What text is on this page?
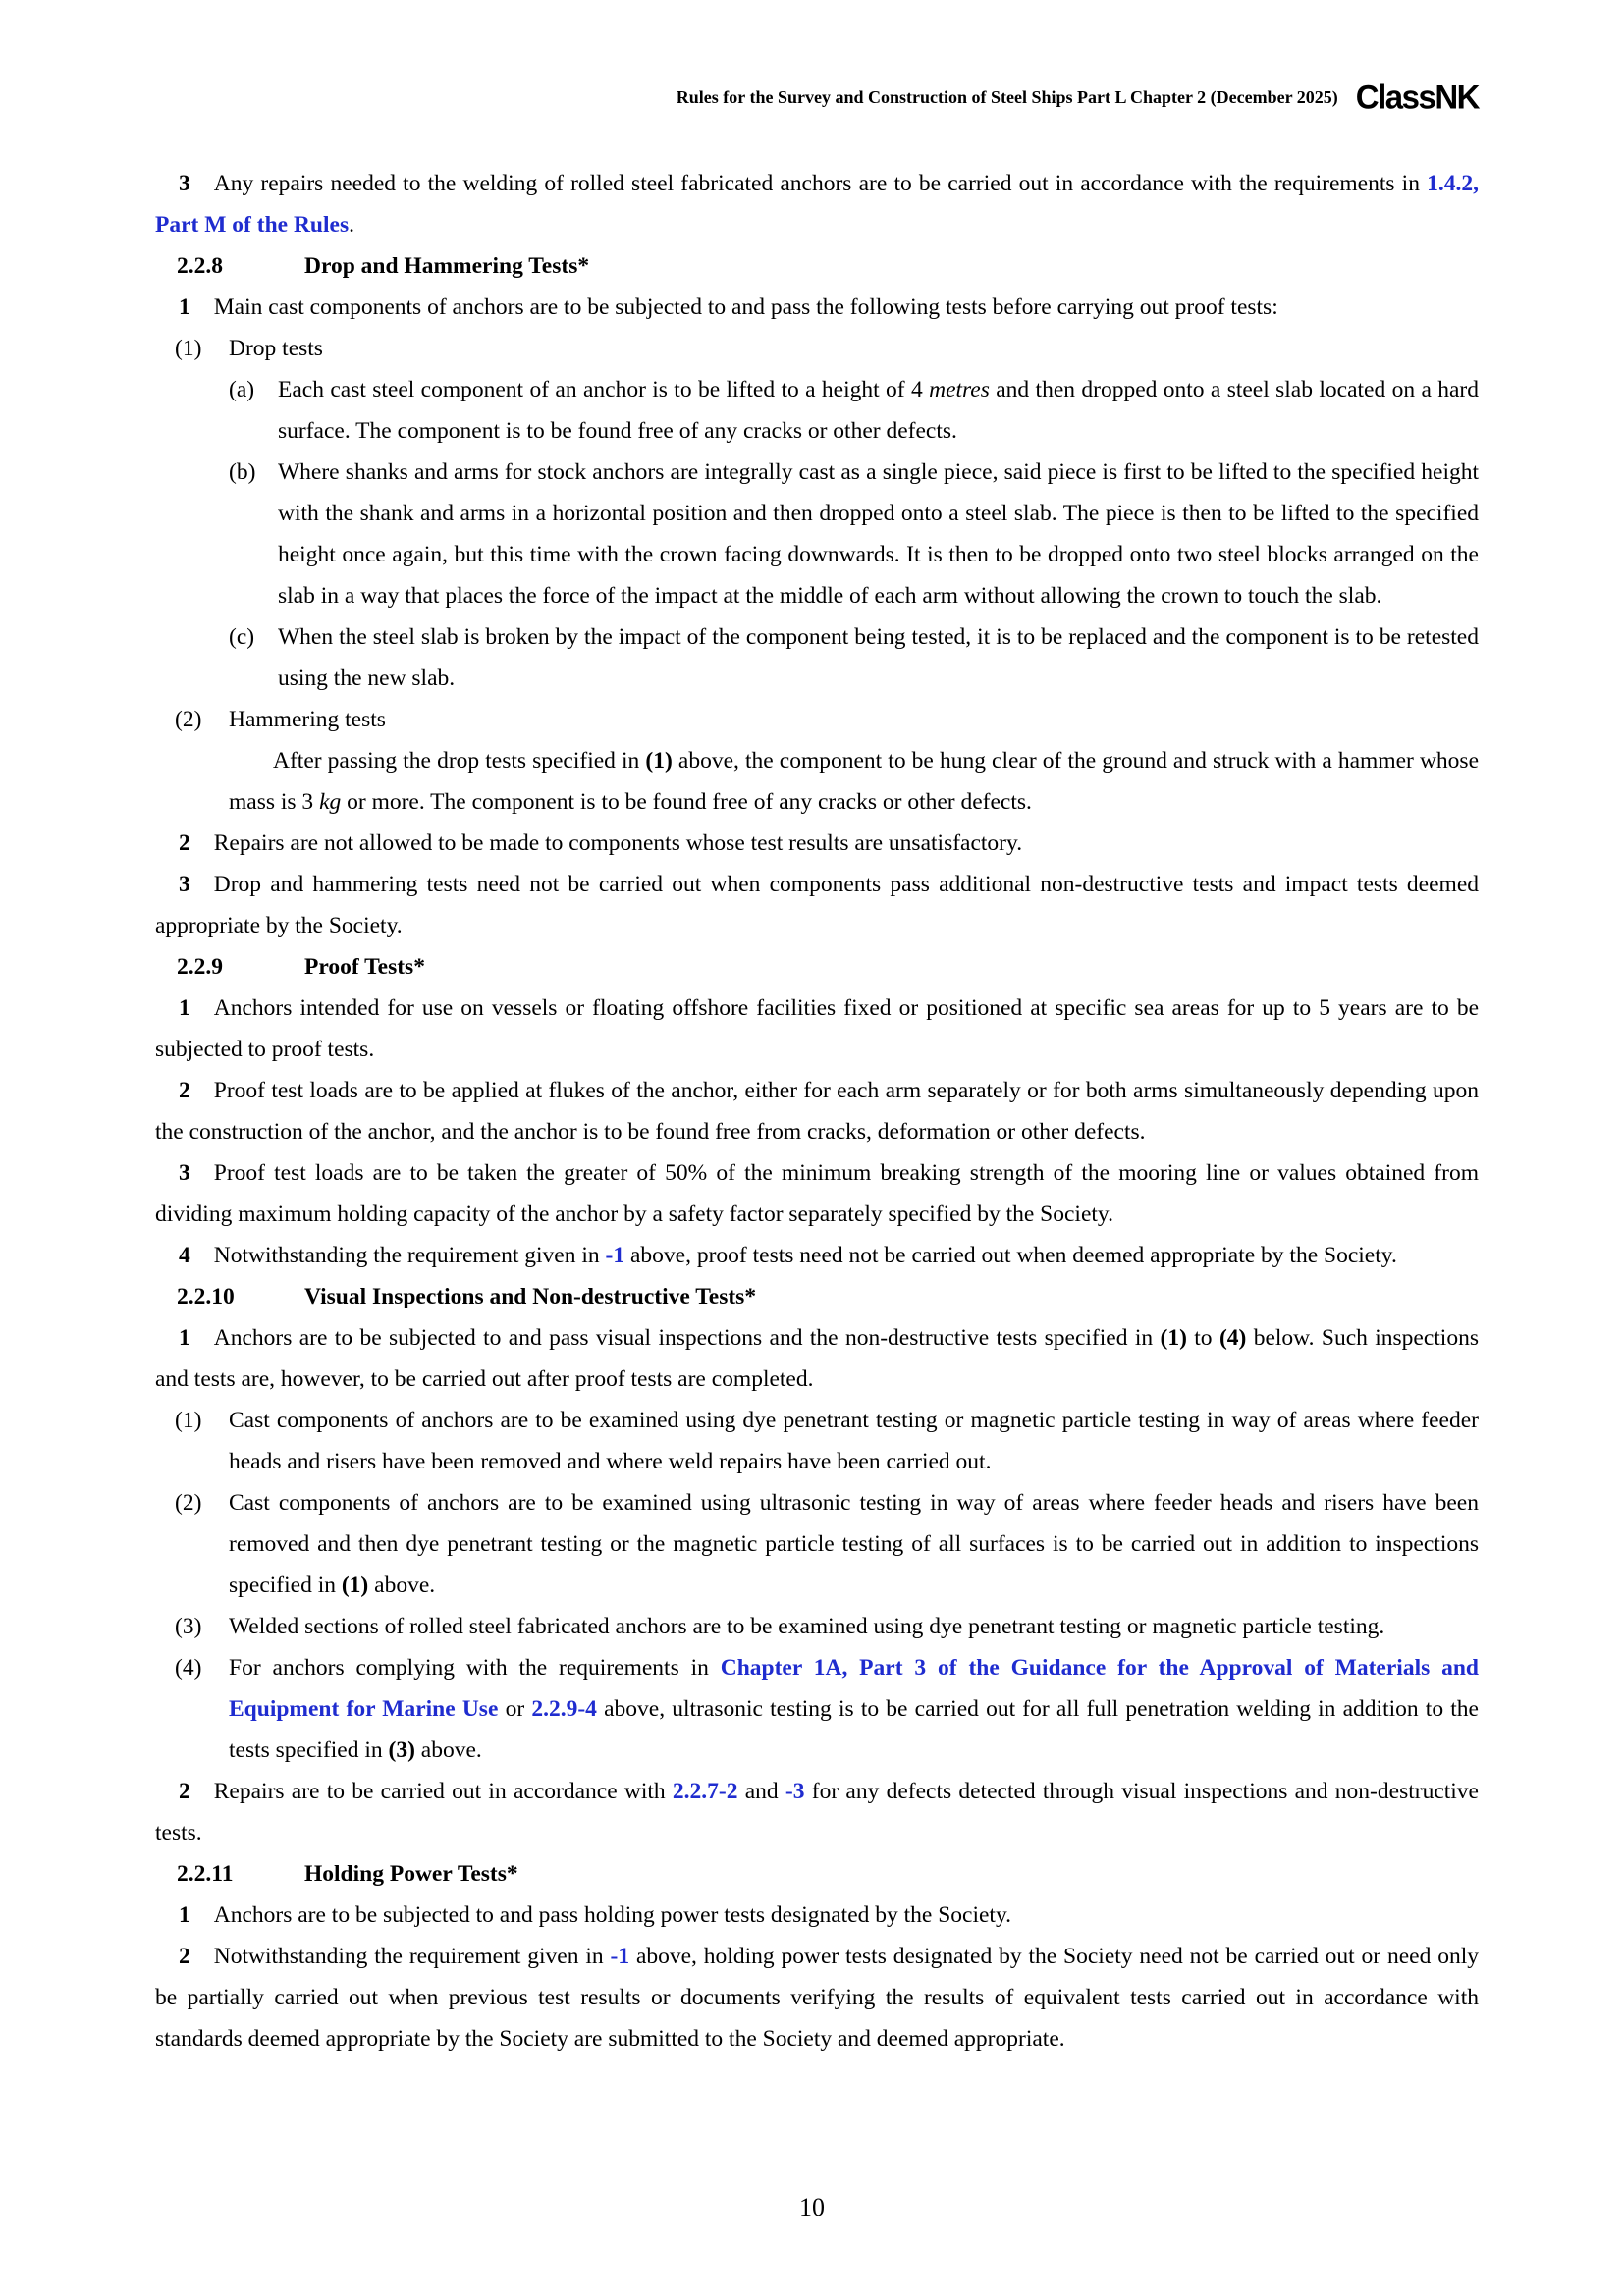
Rules for the Survey and Construction of Steel Ships Part L Chapter 2 (December 2025) ClassNK

3 Any repairs needed to the welding of rolled steel fabricated anchors are to be carried out in accordance with the requirements in 1.4.2, Part M of the Rules.

2.2.8	Drop and Hammering Tests*

1 Main cast components of anchors are to be subjected to and pass the following tests before carrying out proof tests:

(1) Drop tests

(a) Each cast steel component of an anchor is to be lifted to a height of 4 metres and then dropped onto a steel slab located on a hard surface. The component is to be found free of any cracks or other defects.

(b) Where shanks and arms for stock anchors are integrally cast as a single piece, said piece is first to be lifted to the specified height with the shank and arms in a horizontal position and then dropped onto a steel slab. The piece is then to be lifted to the specified height once again, but this time with the crown facing downwards. It is then to be dropped onto two steel blocks arranged on the slab in a way that places the force of the impact at the middle of each arm without allowing the crown to touch the slab.

(c) When the steel slab is broken by the impact of the component being tested, it is to be replaced and the component is to be retested using the new slab.

(2) Hammering tests

After passing the drop tests specified in (1) above, the component to be hung clear of the ground and struck with a hammer whose mass is 3 kg or more. The component is to be found free of any cracks or other defects.

2 Repairs are not allowed to be made to components whose test results are unsatisfactory.

3 Drop and hammering tests need not be carried out when components pass additional non-destructive tests and impact tests deemed appropriate by the Society.

2.2.9	Proof Tests*

1 Anchors intended for use on vessels or floating offshore facilities fixed or positioned at specific sea areas for up to 5 years are to be subjected to proof tests.

2 Proof test loads are to be applied at flukes of the anchor, either for each arm separately or for both arms simultaneously depending upon the construction of the anchor, and the anchor is to be found free from cracks, deformation or other defects.

3 Proof test loads are to be taken the greater of 50% of the minimum breaking strength of the mooring line or values obtained from dividing maximum holding capacity of the anchor by a safety factor separately specified by the Society.

4 Notwithstanding the requirement given in -1 above, proof tests need not be carried out when deemed appropriate by the Society.

2.2.10	Visual Inspections and Non-destructive Tests*

1 Anchors are to be subjected to and pass visual inspections and the non-destructive tests specified in (1) to (4) below. Such inspections and tests are, however, to be carried out after proof tests are completed.

(1) Cast components of anchors are to be examined using dye penetrant testing or magnetic particle testing in way of areas where feeder heads and risers have been removed and where weld repairs have been carried out.

(2) Cast components of anchors are to be examined using ultrasonic testing in way of areas where feeder heads and risers have been removed and then dye penetrant testing or the magnetic particle testing of all surfaces is to be carried out in addition to inspections specified in (1) above.

(3) Welded sections of rolled steel fabricated anchors are to be examined using dye penetrant testing or magnetic particle testing.

(4) For anchors complying with the requirements in Chapter 1A, Part 3 of the Guidance for the Approval of Materials and Equipment for Marine Use or 2.2.9-4 above, ultrasonic testing is to be carried out for all full penetration welding in addition to the tests specified in (3) above.

2 Repairs are to be carried out in accordance with 2.2.7-2 and -3 for any defects detected through visual inspections and non-destructive tests.

2.2.11	Holding Power Tests*

1 Anchors are to be subjected to and pass holding power tests designated by the Society.

2 Notwithstanding the requirement given in -1 above, holding power tests designated by the Society need not be carried out or need only be partially carried out when previous test results or documents verifying the results of equivalent tests carried out in accordance with standards deemed appropriate by the Society are submitted to the Society and deemed appropriate.

10
